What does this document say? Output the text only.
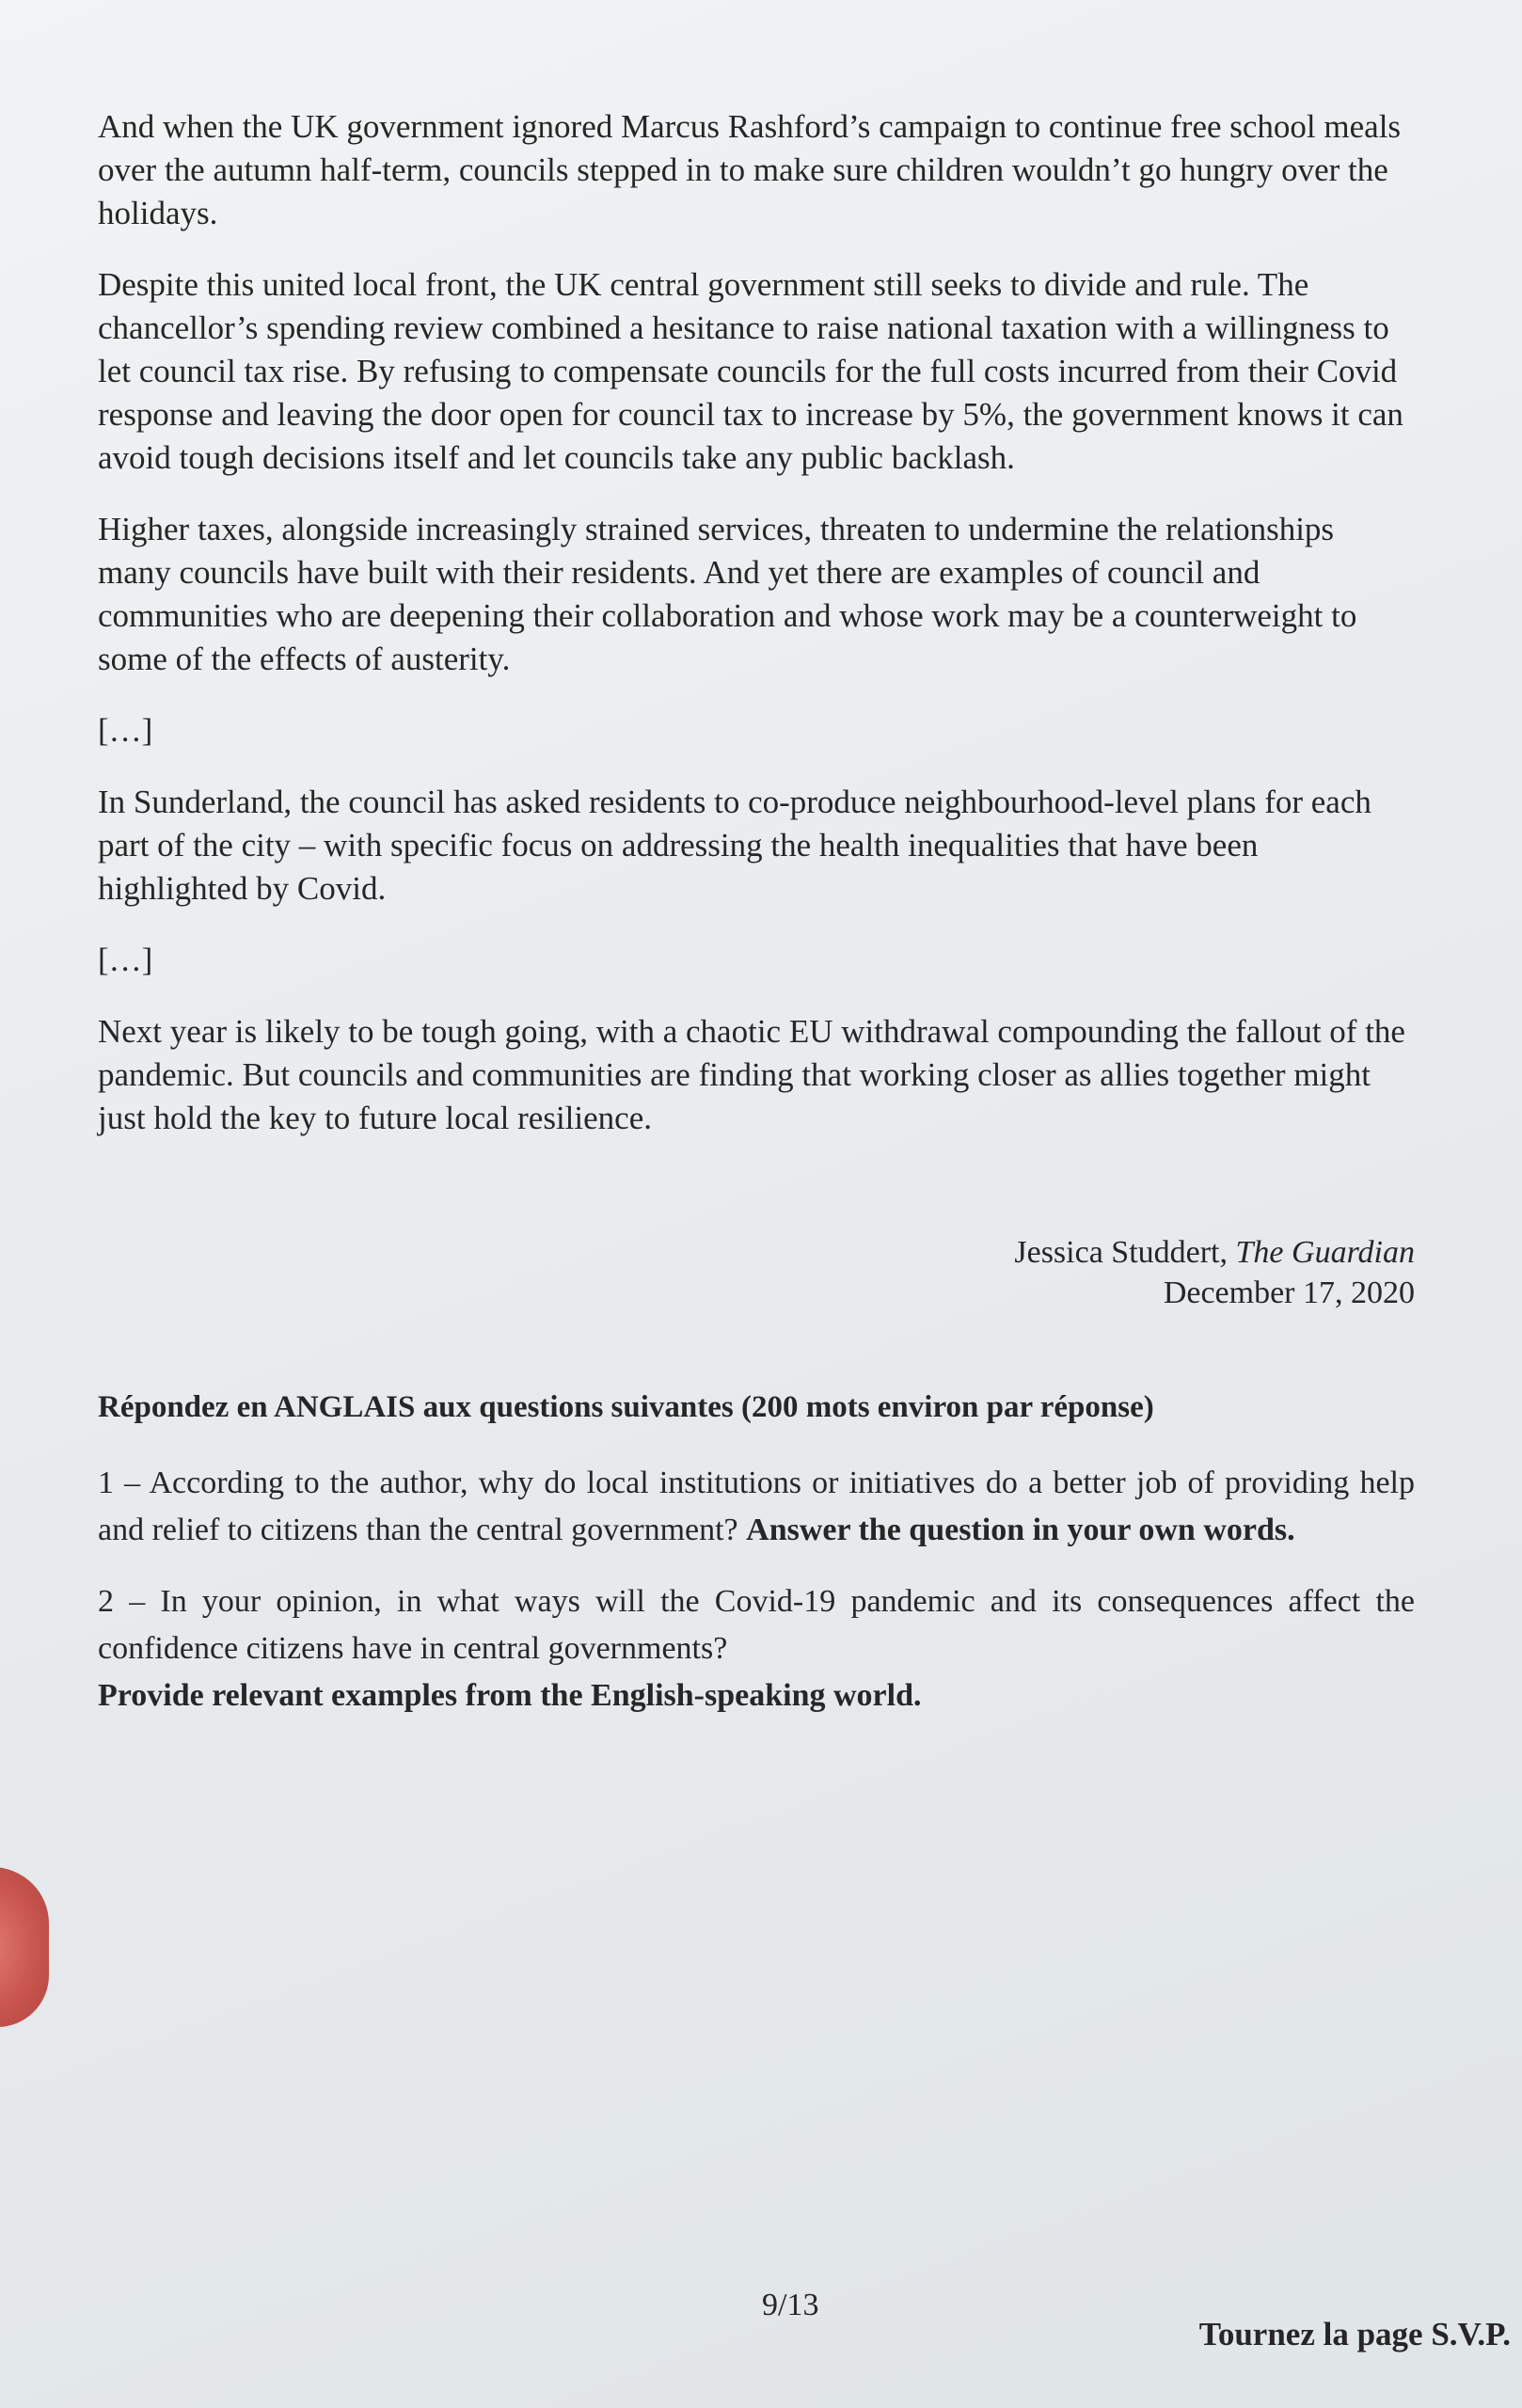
And when the UK government ignored Marcus Rashford’s campaign to continue free school meals over the autumn half-term, councils stepped in to make sure children wouldn’t go hungry over the holidays.

Despite this united local front, the UK central government still seeks to divide and rule. The chancellor’s spending review combined a hesitance to raise national taxation with a willingness to let council tax rise. By refusing to compensate councils for the full costs incurred from their Covid response and leaving the door open for council tax to increase by 5%, the government knows it can avoid tough decisions itself and let councils take any public backlash.

Higher taxes, alongside increasingly strained services, threaten to undermine the relationships many councils have built with their residents. And yet there are examples of council and communities who are deepening their collaboration and whose work may be a counterweight to some of the effects of austerity.

[…]

In Sunderland, the council has asked residents to co-produce neighbourhood-level plans for each part of the city – with specific focus on addressing the health inequalities that have been highlighted by Covid.

[…]

Next year is likely to be tough going, with a chaotic EU withdrawal compounding the fallout of the pandemic. But councils and communities are finding that working closer as allies together might just hold the key to future local resilience.

Jessica Studdert, The Guardian
December 17, 2020

Répondez en ANGLAIS aux questions suivantes (200 mots environ par réponse)

1 – According to the author, why do local institutions or initiatives do a better job of providing help and relief to citizens than the central government? Answer the question in your own words.

2 – In your opinion, in what ways will the Covid-19 pandemic and its consequences affect the confidence citizens have in central governments?
Provide relevant examples from the English-speaking world.

9/13
Tournez la page S.V.P.
